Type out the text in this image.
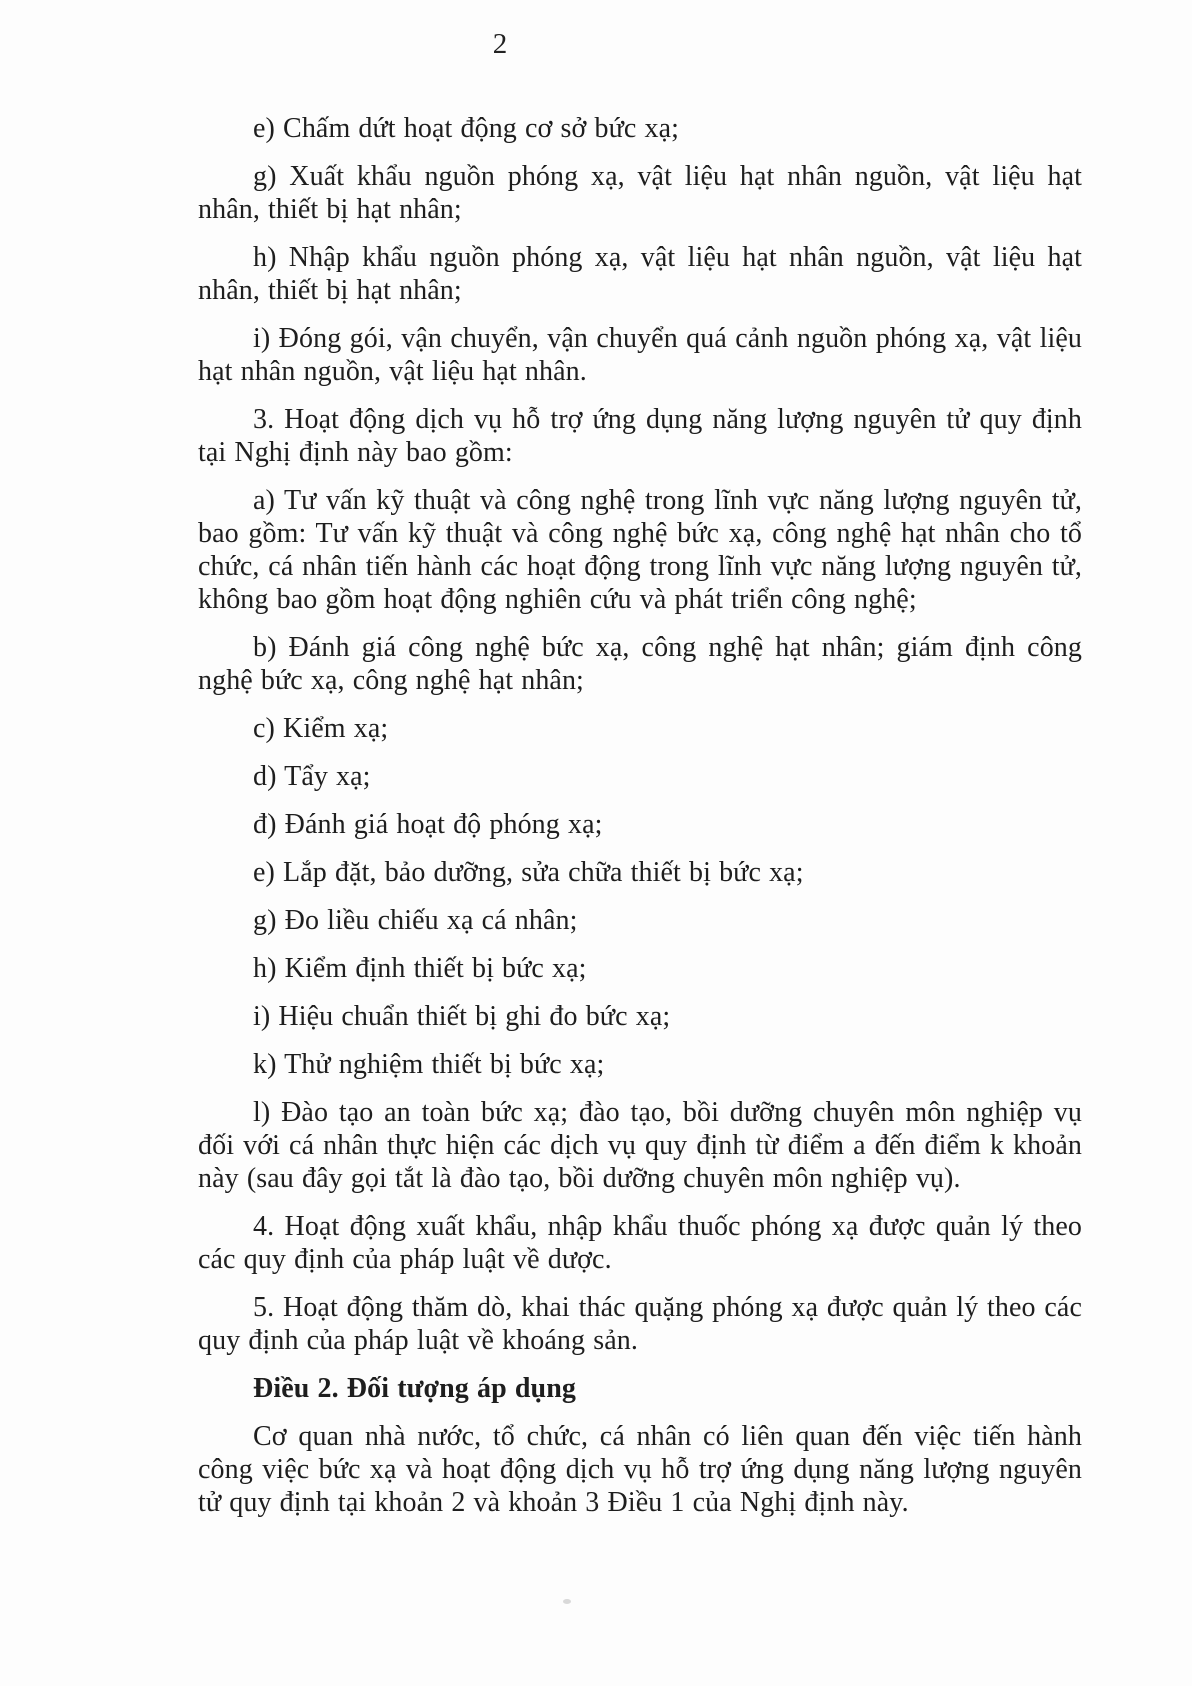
2

e) Chấm dứt hoạt động cơ sở bức xạ;

g) Xuất khẩu nguồn phóng xạ, vật liệu hạt nhân nguồn, vật liệu hạt nhân, thiết bị hạt nhân;

h) Nhập khẩu nguồn phóng xạ, vật liệu hạt nhân nguồn, vật liệu hạt nhân, thiết bị hạt nhân;

i) Đóng gói, vận chuyển, vận chuyển quá cảnh nguồn phóng xạ, vật liệu hạt nhân nguồn, vật liệu hạt nhân.

3. Hoạt động dịch vụ hỗ trợ ứng dụng năng lượng nguyên tử quy định tại Nghị định này bao gồm:

a) Tư vấn kỹ thuật và công nghệ trong lĩnh vực năng lượng nguyên tử, bao gồm: Tư vấn kỹ thuật và công nghệ bức xạ, công nghệ hạt nhân cho tổ chức, cá nhân tiến hành các hoạt động trong lĩnh vực năng lượng nguyên tử, không bao gồm hoạt động nghiên cứu và phát triển công nghệ;

b) Đánh giá công nghệ bức xạ, công nghệ hạt nhân; giám định công nghệ bức xạ, công nghệ hạt nhân;

c) Kiểm xạ;

d) Tẩy xạ;

đ) Đánh giá hoạt độ phóng xạ;

e) Lắp đặt, bảo dưỡng, sửa chữa thiết bị bức xạ;

g) Đo liều chiếu xạ cá nhân;

h) Kiểm định thiết bị bức xạ;

i) Hiệu chuẩn thiết bị ghi đo bức xạ;

k) Thử nghiệm thiết bị bức xạ;

l) Đào tạo an toàn bức xạ; đào tạo, bồi dưỡng chuyên môn nghiệp vụ đối với cá nhân thực hiện các dịch vụ quy định từ điểm a đến điểm k khoản này (sau đây gọi tắt là đào tạo, bồi dưỡng chuyên môn nghiệp vụ).

4. Hoạt động xuất khẩu, nhập khẩu thuốc phóng xạ được quản lý theo các quy định của pháp luật về dược.

5. Hoạt động thăm dò, khai thác quặng phóng xạ được quản lý theo các quy định của pháp luật về khoáng sản.

Điều 2. Đối tượng áp dụng

Cơ quan nhà nước, tổ chức, cá nhân có liên quan đến việc tiến hành công việc bức xạ và hoạt động dịch vụ hỗ trợ ứng dụng năng lượng nguyên tử quy định tại khoản 2 và khoản 3 Điều 1 của Nghị định này.
